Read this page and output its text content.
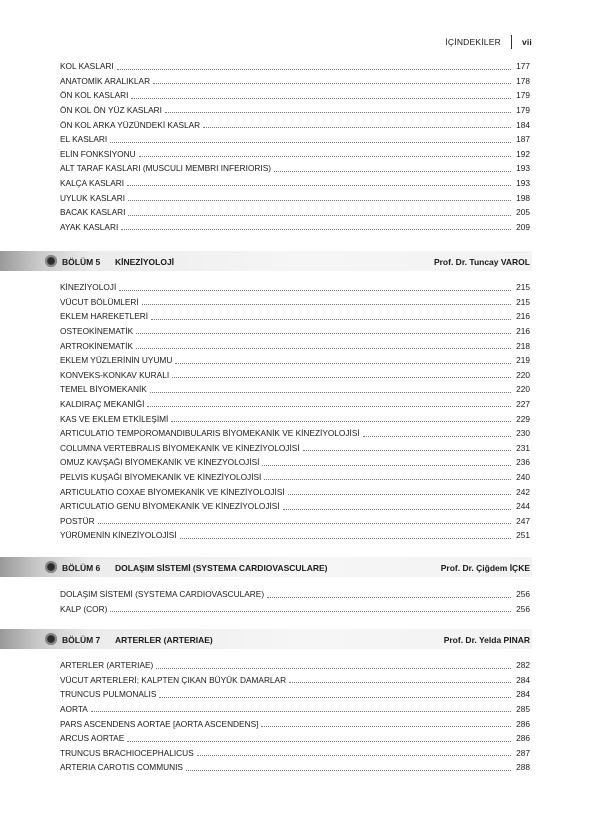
İÇİNDEKİLER vii
KOL KASLARI	177
ANATOMİK ARALIKLAR	178
ÖN KOL KASLARI	179
ÖN KOL ÖN YÜZ KASLARI	179
ÖN KOL ARKA YÜZÜNDEKİ KASLAR	184
EL KASLARI	187
ELİN FONKSİYONU	192
ALT TARAF KASLARI (MUSCULI MEMBRI INFERIORIS)	193
KALÇA KASLARI	193
UYLUK KASLARI	198
BACAK KASLARI	205
AYAK KASLARI	209
BÖLÜM 5 KİNEZİYOLOJİ	Prof. Dr. Tuncay VAROL
KİNEZİYOLOJİ	215
VÜCUT BÖLÜMLERİ	215
EKLEM HAREKETLERİ	216
OSTEOKİNEMATİK	216
ARTROKİNEMATİK	218
EKLEM YÜZLERİNİN UYUMU	219
KONVEKS-KONKAV KURALI	220
TEMEL BİYOMEKANİK	220
KALDIRAÇ MEKANİĞİ	227
KAS VE EKLEM ETKİLEŞİMİ	229
ARTICULATIO TEMPOROMANDIBULARIS BİYOMEKANİK VE KİNEZİYOLOJİSİ	230
COLUMNA VERTEBRALIS BİYOMEKANİK VE KİNEZİYOLOJİSİ	231
OMUZ KAVŞAĞI BİYOMEKANİK VE KİNEZYOLOJİSİ	236
PELVIS KUŞAĞI BİYOMEKANİK VE KİNEZİYOLOJİSİ	240
ARTICULATIO COXAE BİYOMEKANİK VE KİNEZİYOLOJİSİ	242
ARTICULATIO GENU BİYOMEKANİK VE KİNEZİYOLOJİSİ	244
POSTÜR	247
YÜRÜMENİN KİNEZİYOLOJİSİ	251
BÖLÜM 6 DOLAŞIM SİSTEMİ (SYSTEMA CARDIOVASCULARE)	Prof. Dr. Çiğdem İÇKE
DOLAŞIM SİSTEMİ (SYSTEMA CARDIOVASCULARE)	256
KALP (COR)	256
BÖLÜM 7 ARTERLER (ARTERIAE)	Prof. Dr. Yelda PINAR
ARTERLER (ARTERIAE)	282
VÜCUT ARTERLERİ; KALPTEN ÇIKAN BÜYÜK DAMARLAR	284
TRUNCUS PULMONALIS	284
AORTA	285
PARS ASCENDENS AORTAE [AORTA ASCENDENS]	286
ARCUS AORTAE	286
TRUNCUS BRACHIOCEPHALICUS	287
ARTERIA CAROTIS COMMUNIS	288
